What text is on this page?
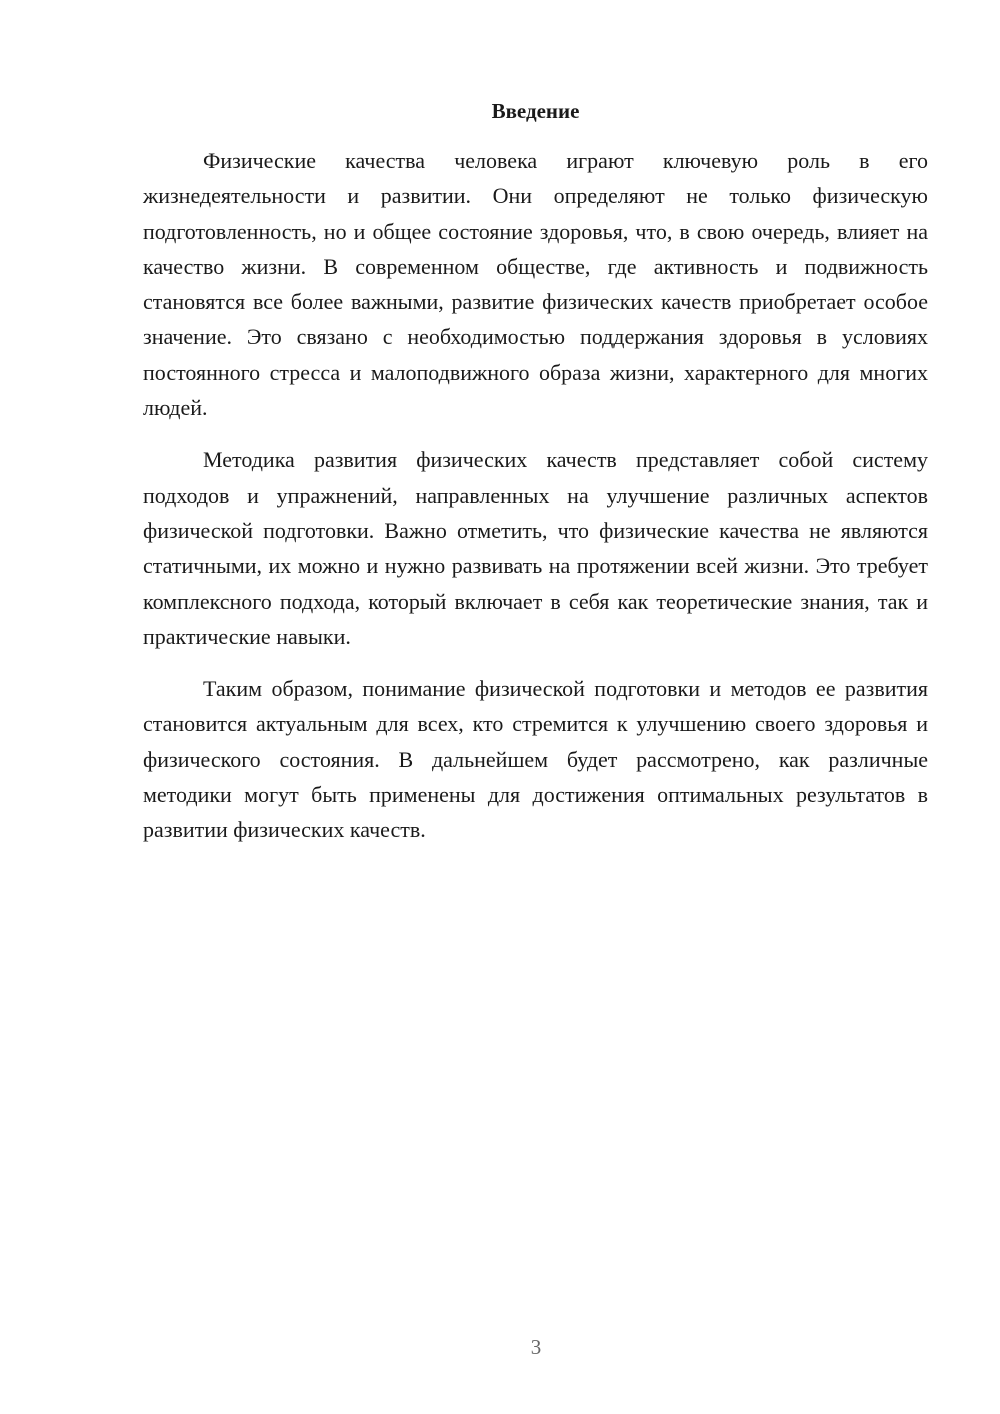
Введение

Физические качества человека играют ключевую роль в его жизнедеятельности и развитии. Они определяют не только физическую подготовленность, но и общее состояние здоровья, что, в свою очередь, влияет на качество жизни. В современном обществе, где активность и подвижность становятся все более важными, развитие физических качеств приобретает особое значение. Это связано с необходимостью поддержания здоровья в условиях постоянного стресса и малоподвижного образа жизни, характерного для многих людей.

Методика развития физических качеств представляет собой систему подходов и упражнений, направленных на улучшение различных аспектов физической подготовки. Важно отметить, что физические качества не являются статичными, их можно и нужно развивать на протяжении всей жизни. Это требует комплексного подхода, который включает в себя как теоретические знания, так и практические навыки.

Таким образом, понимание физической подготовки и методов ее развития становится актуальным для всех, кто стремится к улучшению своего здоровья и физического состояния. В дальнейшем будет рассмотрено, как различные методики могут быть применены для достижения оптимальных результатов в развитии физических качеств.

3
